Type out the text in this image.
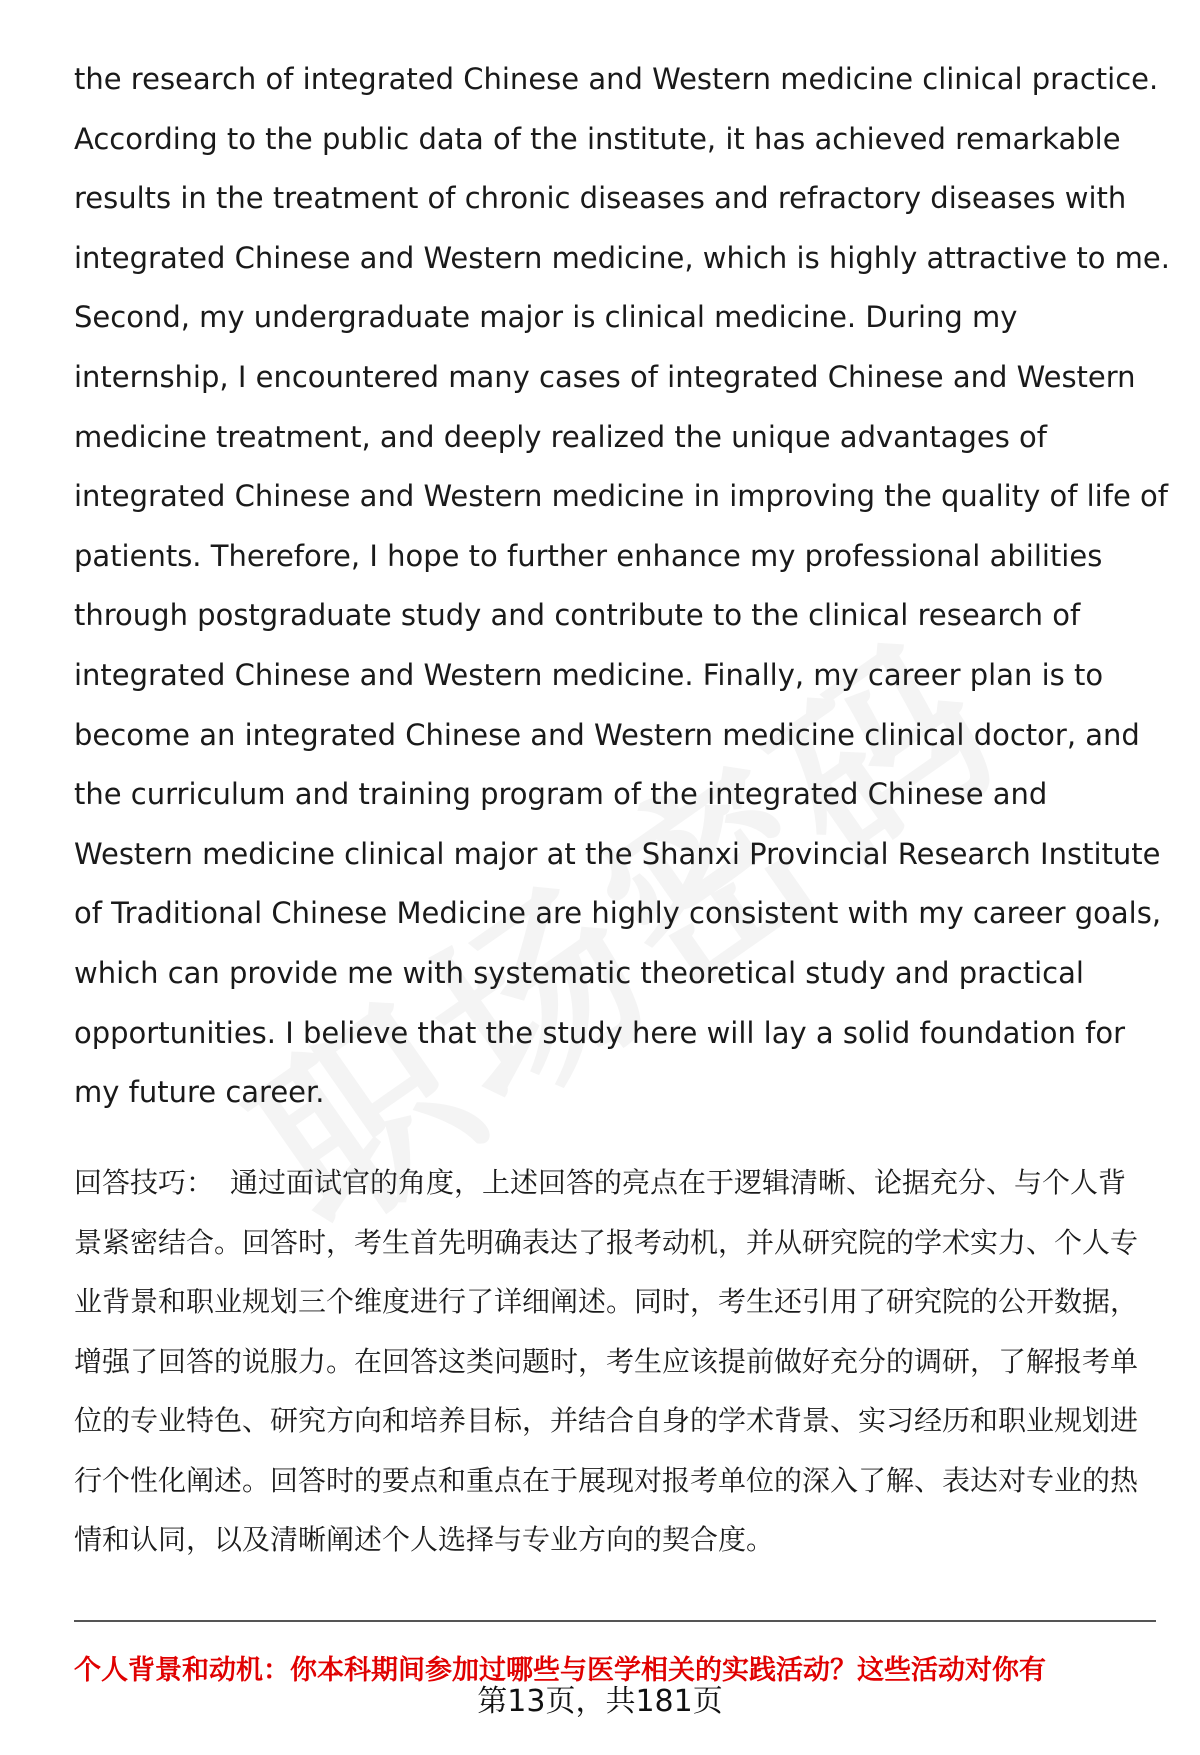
the research of integrated Chinese and Western medicine clinical practice. According to the public data of the institute, it has achieved remarkable results in the treatment of chronic diseases and refractory diseases with integrated Chinese and Western medicine, which is highly attractive to me. Second, my undergraduate major is clinical medicine. During my internship, I encountered many cases of integrated Chinese and Western medicine treatment, and deeply realized the unique advantages of integrated Chinese and Western medicine in improving the quality of life of patients. Therefore, I hope to further enhance my professional abilities through postgraduate study and contribute to the clinical research of integrated Chinese and Western medicine. Finally, my career plan is to become an integrated Chinese and Western medicine clinical doctor, and the curriculum and training program of the integrated Chinese and Western medicine clinical major at the Shanxi Provincial Research Institute of Traditional Chinese Medicine are highly consistent with my career goals, which can provide me with systematic theoretical study and practical opportunities. I believe that the study here will lay a solid foundation for my future career.

回答技巧： 通过面试官的角度，上述回答的亮点在于逻辑清晰、论据充分、与个人背景紧密结合。回答时，考生首先明确表达了报考动机，并从研究院的学术实力、个人专业背景和职业规划三个维度进行了详细阐述。同时，考生还引用了研究院的公开数据，增强了回答的说服力。在回答这类问题时，考生应该提前做好充分的调研，了解报考单位的专业特色、研究方向和培养目标，并结合自身的学术背景、实习经历和职业规划进行个性化阐述。回答时的要点和重点在于展现对报考单位的深入了解、表达对专业的热情和认同，以及清晰阐述个人选择与专业方向的契合度。

个人背景和动机：你本科期间参加过哪些与医学相关的实践活动？这些活动对你有

第13页，共181页
